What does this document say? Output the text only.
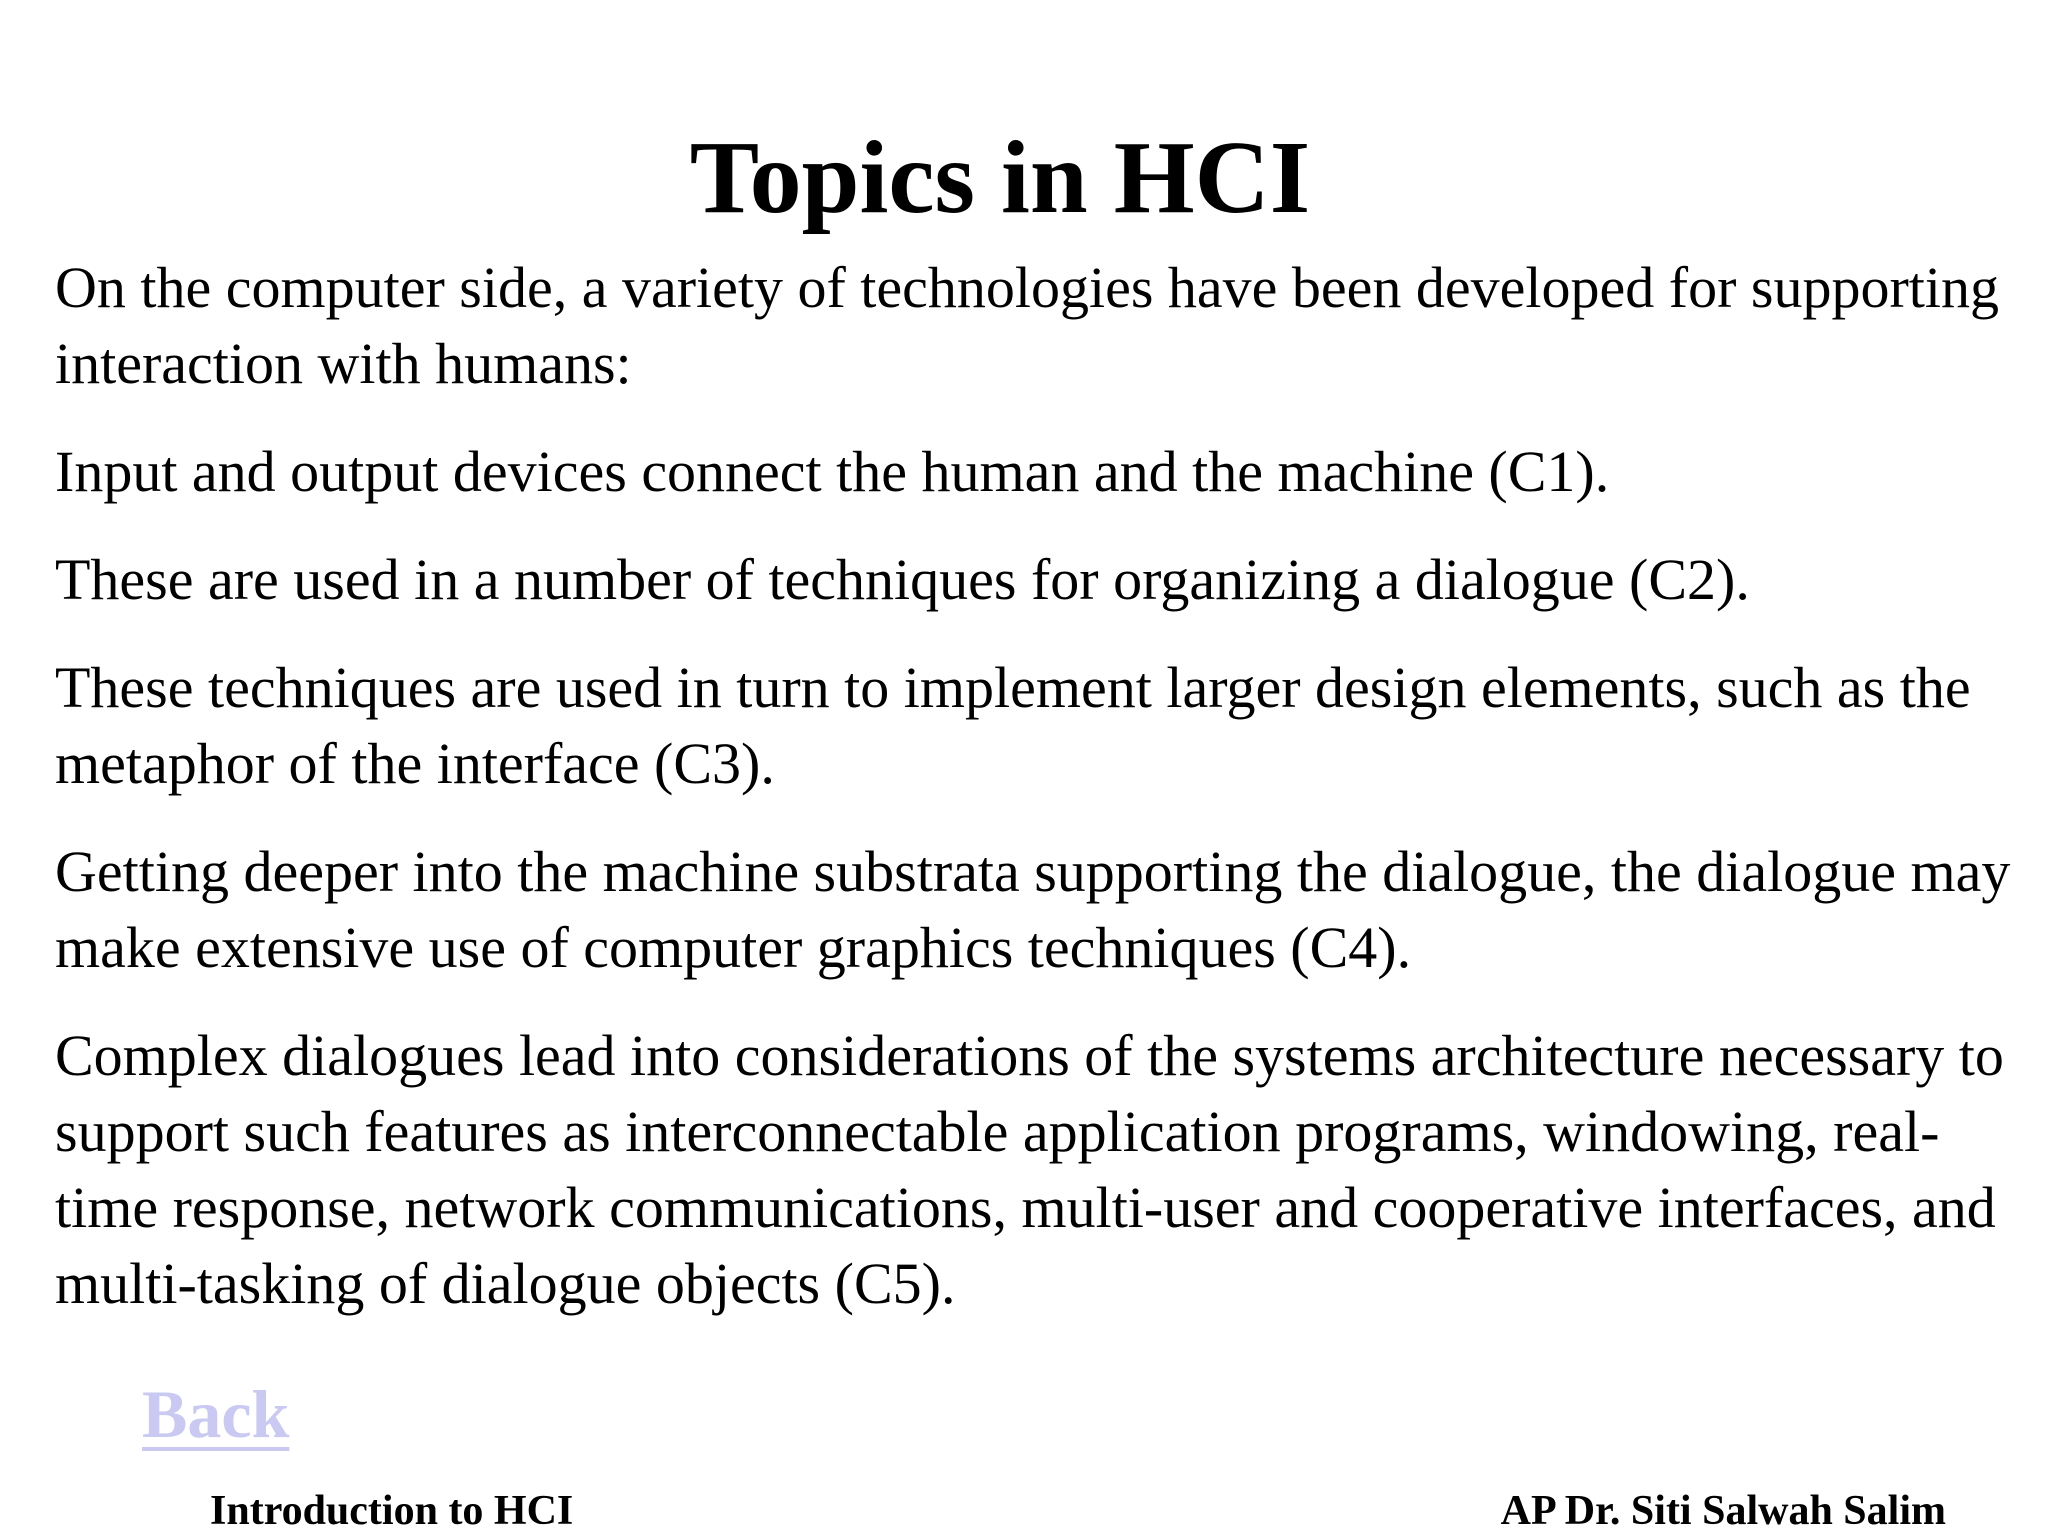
Topics in HCI

On the computer side, a variety of technologies have been developed for supporting interaction with humans:

Input and output devices connect the human and the machine (C1).

These are used in a number of techniques for organizing a dialogue (C2).

These techniques are used in turn to implement larger design elements, such as the metaphor of the interface (C3).

Getting deeper into the machine substrata supporting the dialogue, the dialogue may make extensive use of computer graphics techniques (C4).

Complex dialogues lead into considerations of the systems architecture necessary to support such features as interconnectable application programs, windowing, real-time response, network communications, multi-user and cooperative interfaces, and multi-tasking of dialogue objects (C5).

Back
Introduction to HCI	AP Dr. Siti Salwah Salim
